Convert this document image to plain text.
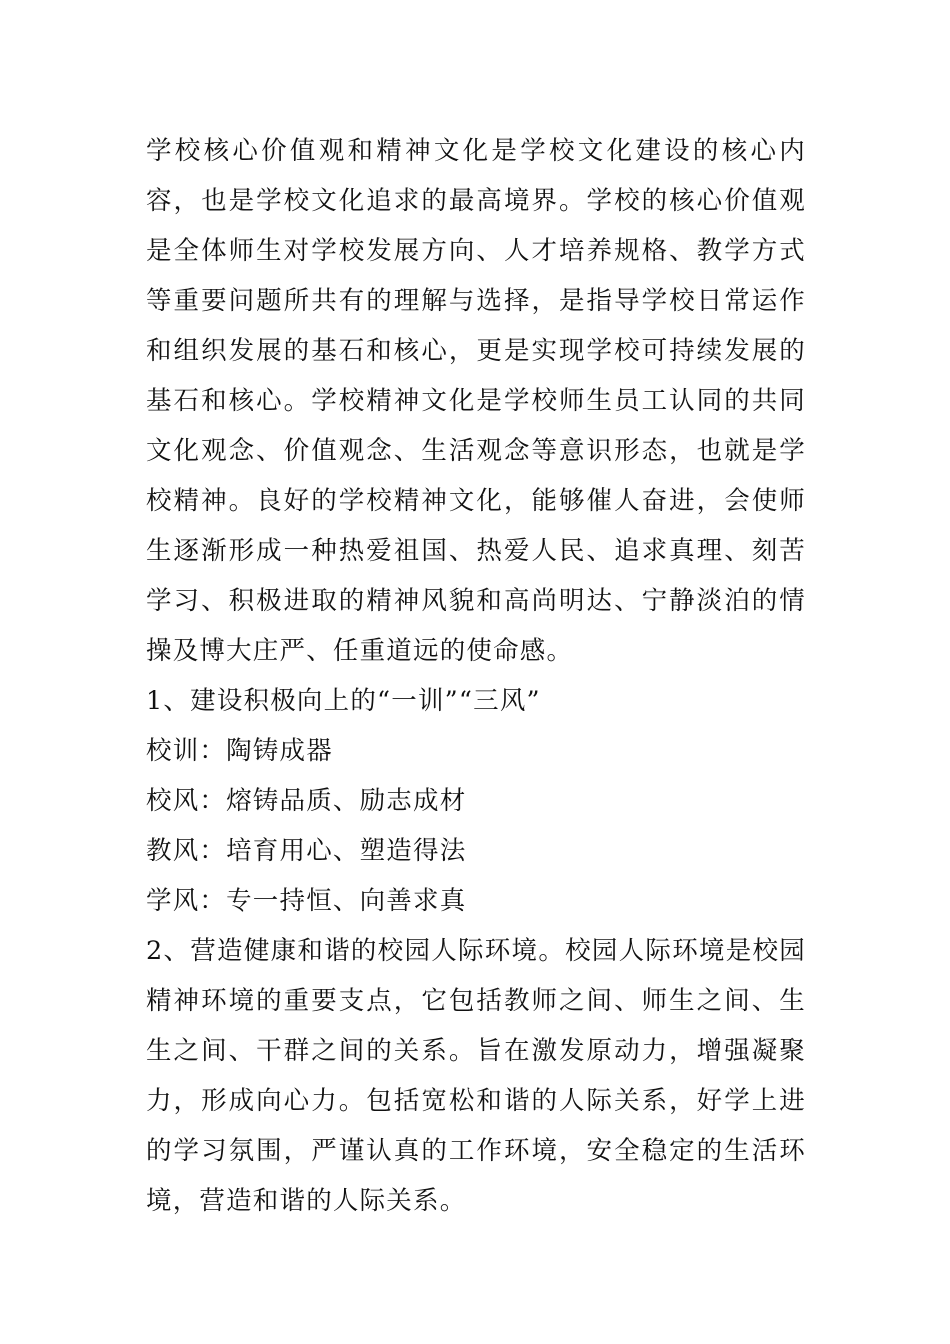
学校核心价值观和精神文化是学校文化建设的核心内容，也是学校文化追求的最高境界。学校的核心价值观是全体师生对学校发展方向、人才培养规格、教学方式等重要问题所共有的理解与选择，是指导学校日常运作和组织发展的基石和核心，更是实现学校可持续发展的基石和核心。学校精神文化是学校师生员工认同的共同文化观念、价值观念、生活观念等意识形态，也就是学校精神。良好的学校精神文化，能够催人奋进，会使师生逐渐形成一种热爱祖国、热爱人民、追求真理、刻苦学习、积极进取的精神风貌和高尚明达、宁静淡泊的情操及博大庄严、任重道远的使命感。

1、建设积极向上的“一训”“三风”

校训：陶铸成器

校风：熔铸品质、励志成材

教风：培育用心、塑造得法

学风：专一持恒、向善求真

2、营造健康和谐的校园人际环境。校园人际环境是校园精神环境的重要支点，它包括教师之间、师生之间、生生之间、干群之间的关系。旨在激发原动力，增强凝聚力，形成向心力。包括宽松和谐的人际关系，好学上进的学习氛围，严谨认真的工作环境，安全稳定的生活环境，营造和谐的人际关系。
